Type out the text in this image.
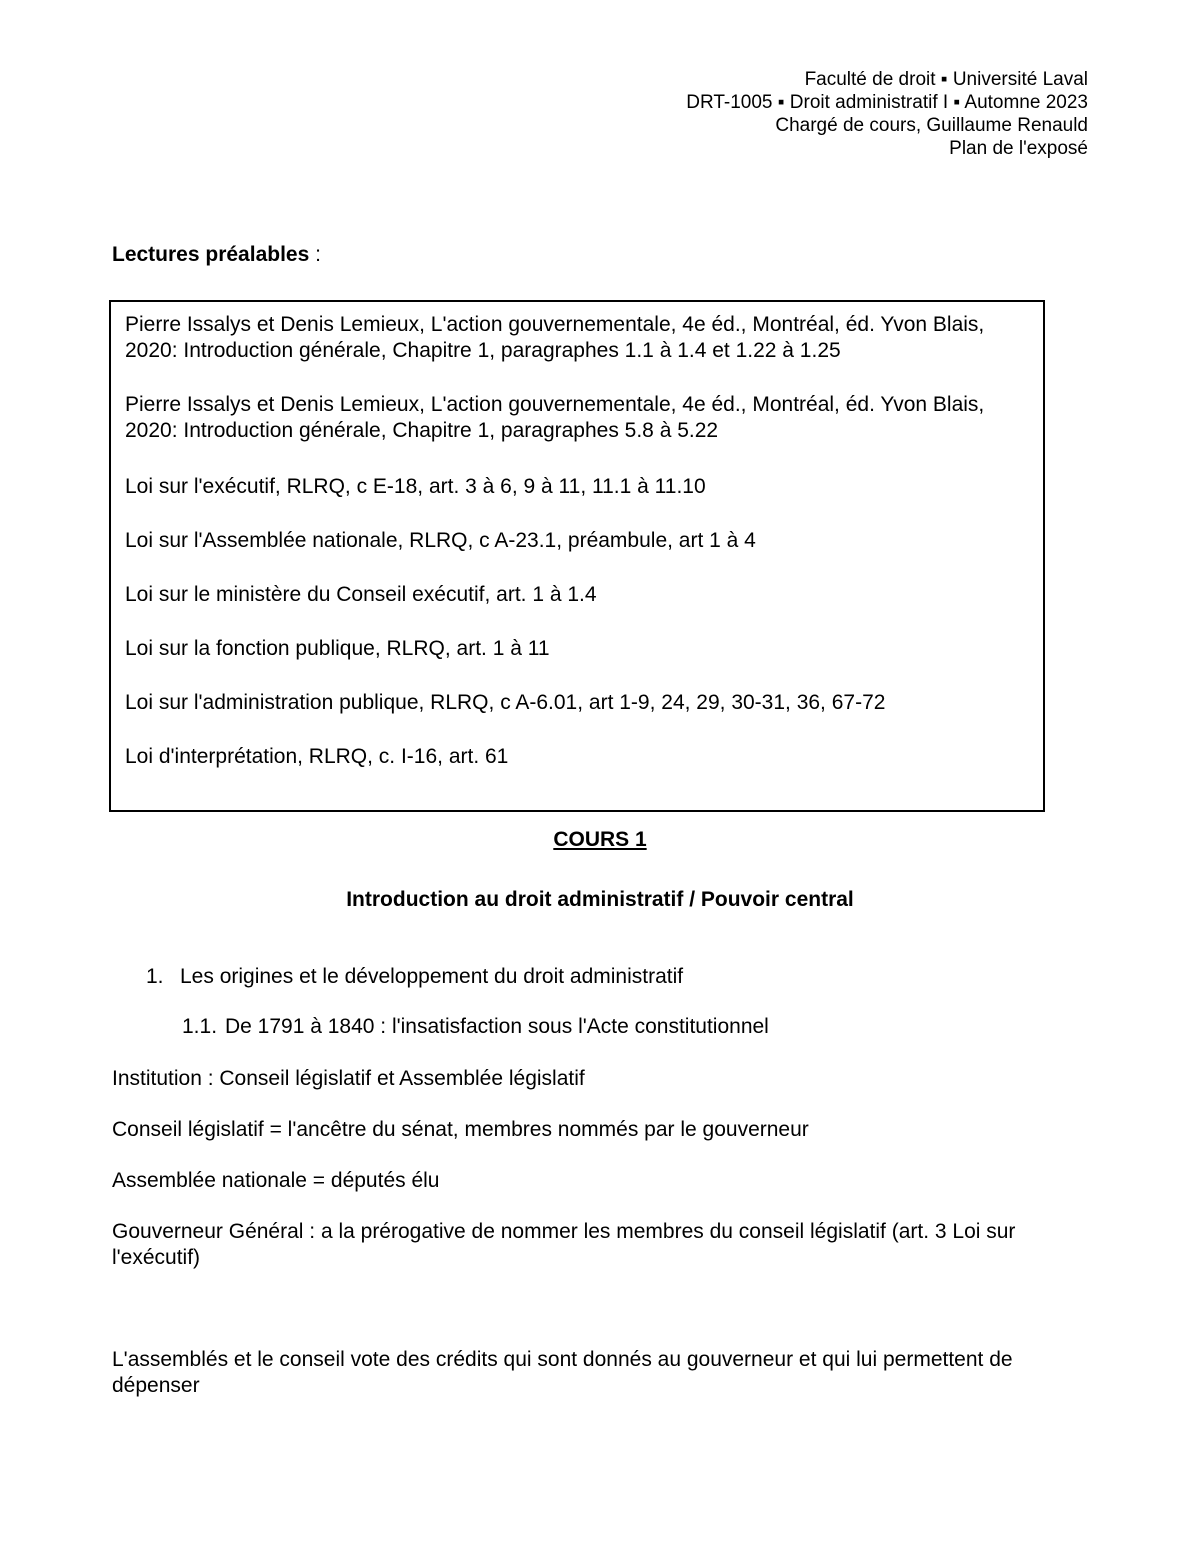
Faculté de droit ▪ Université Laval
DRT-1005 ▪ Droit administratif I ▪ Automne 2023
Chargé de cours, Guillaume Renauld
Plan de l'exposé
Lectures préalables :
Pierre Issalys et Denis Lemieux, L'action gouvernementale, 4e éd., Montréal, éd. Yvon Blais, 2020: Introduction générale, Chapitre 1, paragraphes 1.1 à 1.4 et 1.22 à 1.25
Pierre Issalys et Denis Lemieux, L'action gouvernementale, 4e éd., Montréal, éd. Yvon Blais, 2020: Introduction générale, Chapitre 1, paragraphes 5.8 à 5.22
Loi sur l'exécutif, RLRQ, c E-18, art. 3 à 6, 9 à 11, 11.1 à 11.10
Loi sur l'Assemblée nationale, RLRQ, c A-23.1, préambule, art 1 à 4
Loi sur le ministère du Conseil exécutif, art. 1 à 1.4
Loi sur la fonction publique, RLRQ, art. 1 à 11
Loi sur l'administration publique, RLRQ, c A-6.01, art 1-9, 24, 29, 30-31, 36, 67-72
Loi d'interprétation, RLRQ, c. I-16, art. 61
COURS 1
Introduction au droit administratif / Pouvoir central
1. Les origines et le développement du droit administratif
1.1. De 1791 à 1840 : l'insatisfaction sous l'Acte constitutionnel
Institution : Conseil législatif et Assemblée législatif
Conseil législatif = l'ancêtre du sénat, membres nommés par le gouverneur
Assemblée nationale = députés élu
Gouverneur Général : a la prérogative de nommer les membres du conseil législatif (art. 3 Loi sur l'exécutif)
L'assemblés et le conseil vote des crédits qui sont donnés au gouverneur et qui lui permettent de dépenser
